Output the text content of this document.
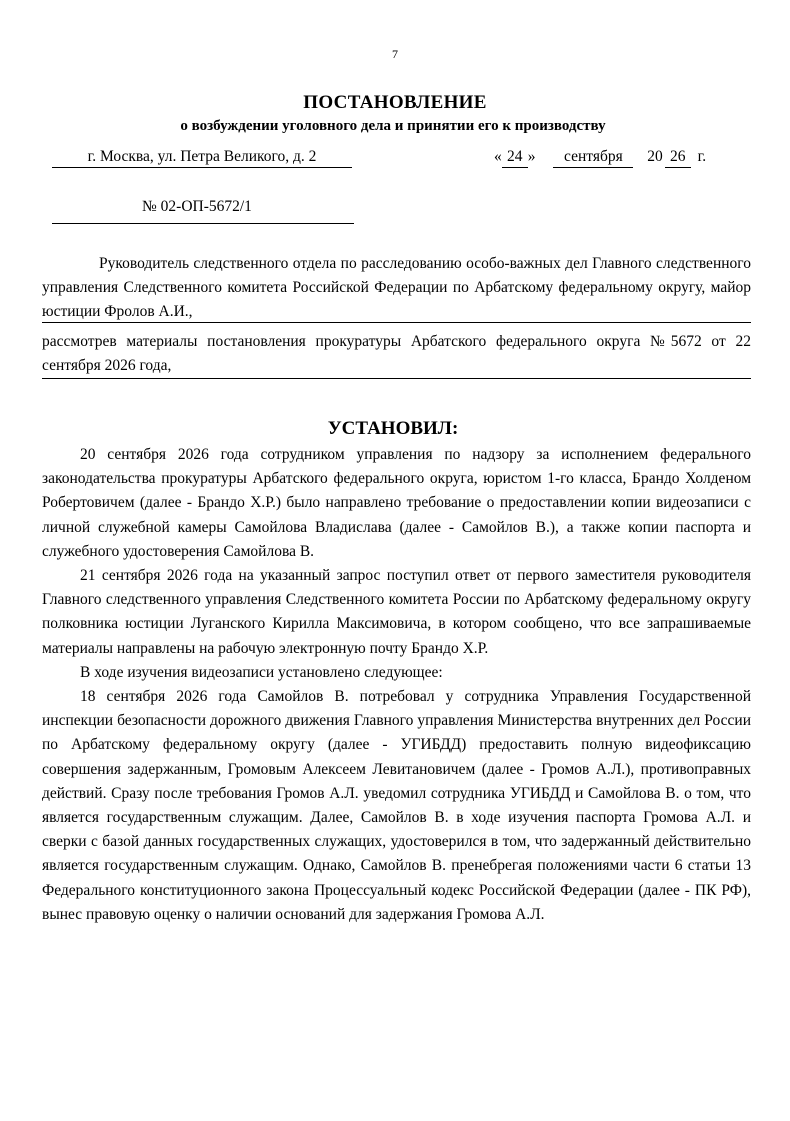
7
ПОСТАНОВЛЕНИЕ
о возбуждении уголовного дела и принятии его к производству
г. Москва, ул. Петра Великого, д. 2	« 24 » сентября 20 26 г.
№ 02-ОП-5672/1
Руководитель следственного отдела по расследованию особо-важных дел Главного следственного управления Следственного комитета Российской Федерации по Арбатскому федеральному округу, майор юстиции Фролов А.И.,
рассмотрев материалы постановления прокуратуры Арбатского федерального округа №5672 от 22 сентября 2026 года,
УСТАНОВИЛ:

20 сентября 2026 года сотрудником управления по надзору за исполнением федерального законодательства прокуратуры Арбатского федерального округа, юристом 1-го класса, Брандо Холденом Робертовичем (далее - Брандо Х.Р.) было направлено требование о предоставлении копии видеозаписи с личной служебной камеры Самойлова Владислава (далее - Самойлов В.), а также копии паспорта и служебного удостоверения Самойлова В.

21 сентября 2026 года на указанный запрос поступил ответ от первого заместителя руководителя Главного следственного управления Следственного комитета России по Арбатскому федеральному округу полковника юстиции Луганского Кирилла Максимовича, в котором сообщено, что все запрашиваемые материалы направлены на рабочую электронную почту Брандо Х.Р.

В ходе изучения видеозаписи установлено следующее:

18 сентября 2026 года Самойлов В. потребовал у сотрудника Управления Государственной инспекции безопасности дорожного движения Главного управления Министерства внутренних дел России по Арбатскому федеральному округу (далее - УГИБДД) предоставить полную видеофиксацию совершения задержанным, Громовым Алексеем Левитановичем (далее - Громов А.Л.), противоправных действий. Сразу после требования Громов А.Л. уведомил сотрудника УГИБДД и Самойлова В. о том, что является государственным служащим. Далее, Самойлов В. в ходе изучения паспорта Громова А.Л. и сверки с базой данных государственных служащих, удостоверился в том, что задержанный действительно является государственным служащим. Однако, Самойлов В. пренебрегая положениями части 6 статьи 13 Федерального конституционного закона Процессуальный кодекс Российской Федерации (далее - ПК РФ), вынес правовую оценку о наличии оснований для задержания Громова А.Л.
